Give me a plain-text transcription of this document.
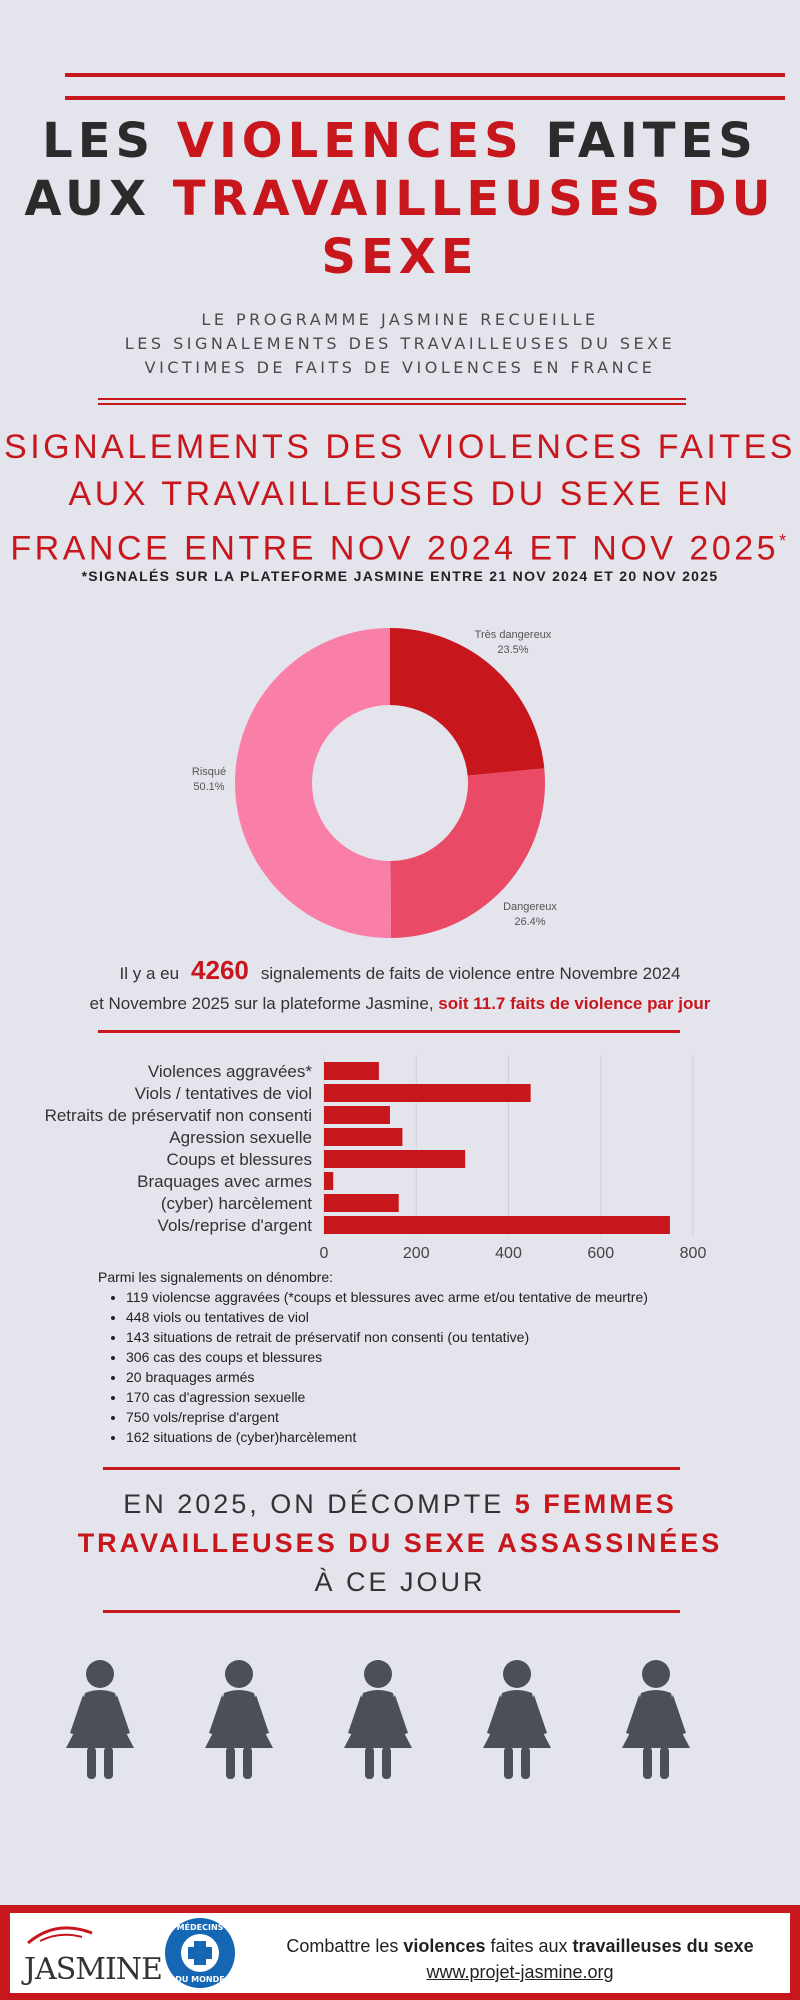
LES VIOLENCES FAITES
AUX TRAVAILLEUSES DU
SEXE
LE PROGRAMME JASMINE RECUEILLE
LES SIGNALEMENTS DES TRAVAILLEUSES DU SEXE
VICTIMES DE FAITS DE VIOLENCES EN FRANCE
SIGNALEMENTS DES VIOLENCES FAITES
AUX TRAVAILLEUSES DU SEXE EN
FRANCE ENTRE NOV 2024 ET NOV 2025*
*SIGNALÉS SUR LA PLATEFORME JASMINE ENTRE 21 NOV 2024 ET 20 NOV 2025
Très dangereux
23.5%
Dangereux
26.4%
Risqué
50.1%
Il y a eu 4260 signalements de faits de violence entre Novembre 2024
et Novembre 2025 sur la plateforme Jasmine, soit 11.7 faits de violence par jour
Violences aggravées*
Viols / tentatives de viol
Retraits de préservatif non consenti
Agression sexuelle
Coups et blessures
Braquages avec armes
(cyber) harcèlement
Vols/reprise d'argent
0	200	400	600	800
Parmi les signalements on dénombre:
• 119 violencse aggravées (*coups et blessures avec arme et/ou tentative de meurtre)
• 448 viols ou tentatives de viol
• 143 situations de retrait de préservatif non consenti (ou tentative)
• 306 cas des coups et blessures
• 20 braquages armés
• 170 cas d'agression sexuelle
• 750 vols/reprise d'argent
• 162 situations de (cyber)harcèlement
EN 2025, ON DÉCOMPTE 5 FEMMES
TRAVAILLEUSES DU SEXE ASSASSINÉES
À CE JOUR
JASMINE
MÉDECINS
DU MONDE
Combattre les violences faites aux travailleuses du sexe
www.projet-jasmine.org
